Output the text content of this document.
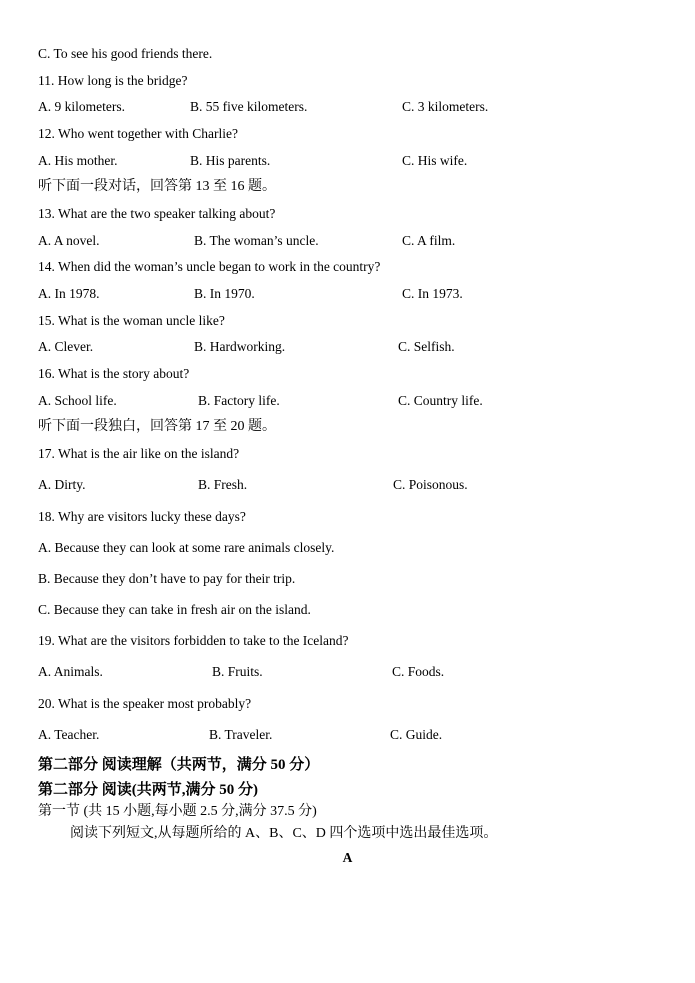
C. To see his good friends there.
11. How long is the bridge?
A. 9 kilometers.	B. 55 five kilometers.	C. 3 kilometers.
12. Who went together with Charlie?
A. His mother.	B. His parents.	C. His wife.
听下面一段对话，回答第 13 至 16 题。
13. What are the two speaker talking about?
A. A novel.	B. The woman’s uncle.	C. A film.
14. When did the woman’s uncle began to work in the country?
A. In 1978.	B. In 1970.	C. In 1973.
15. What is the woman uncle like?
A. Clever.	B. Hardworking.	C. Selfish.
16. What is the story about?
A. School life.	B. Factory life.	C. Country life.
听下面一段独白，回答第 17 至 20 题。
17. What is the air like on the island?
A. Dirty.	B. Fresh.	C. Poisonous.
18. Why are visitors lucky these days?
A. Because they can look at some rare animals closely.
B. Because they don’t have to pay for their trip.
C. Because they can take in fresh air on the island.
19. What are the visitors forbidden to take to the Iceland?
A. Animals.	B. Fruits.	C. Foods.
20. What is the speaker most probably?
A. Teacher.	B. Traveler.	C. Guide.
第二部分 阅读理解（共两节，满分 50 分）
第二部分 阅读(共两节,满分 50 分)
第一节 (共 15 小题,每小题 2.5 分,满分 37.5 分)
阅读下列短文,从每题所给的 A、B、C、D 四个选项中选出最佳选项。
A
